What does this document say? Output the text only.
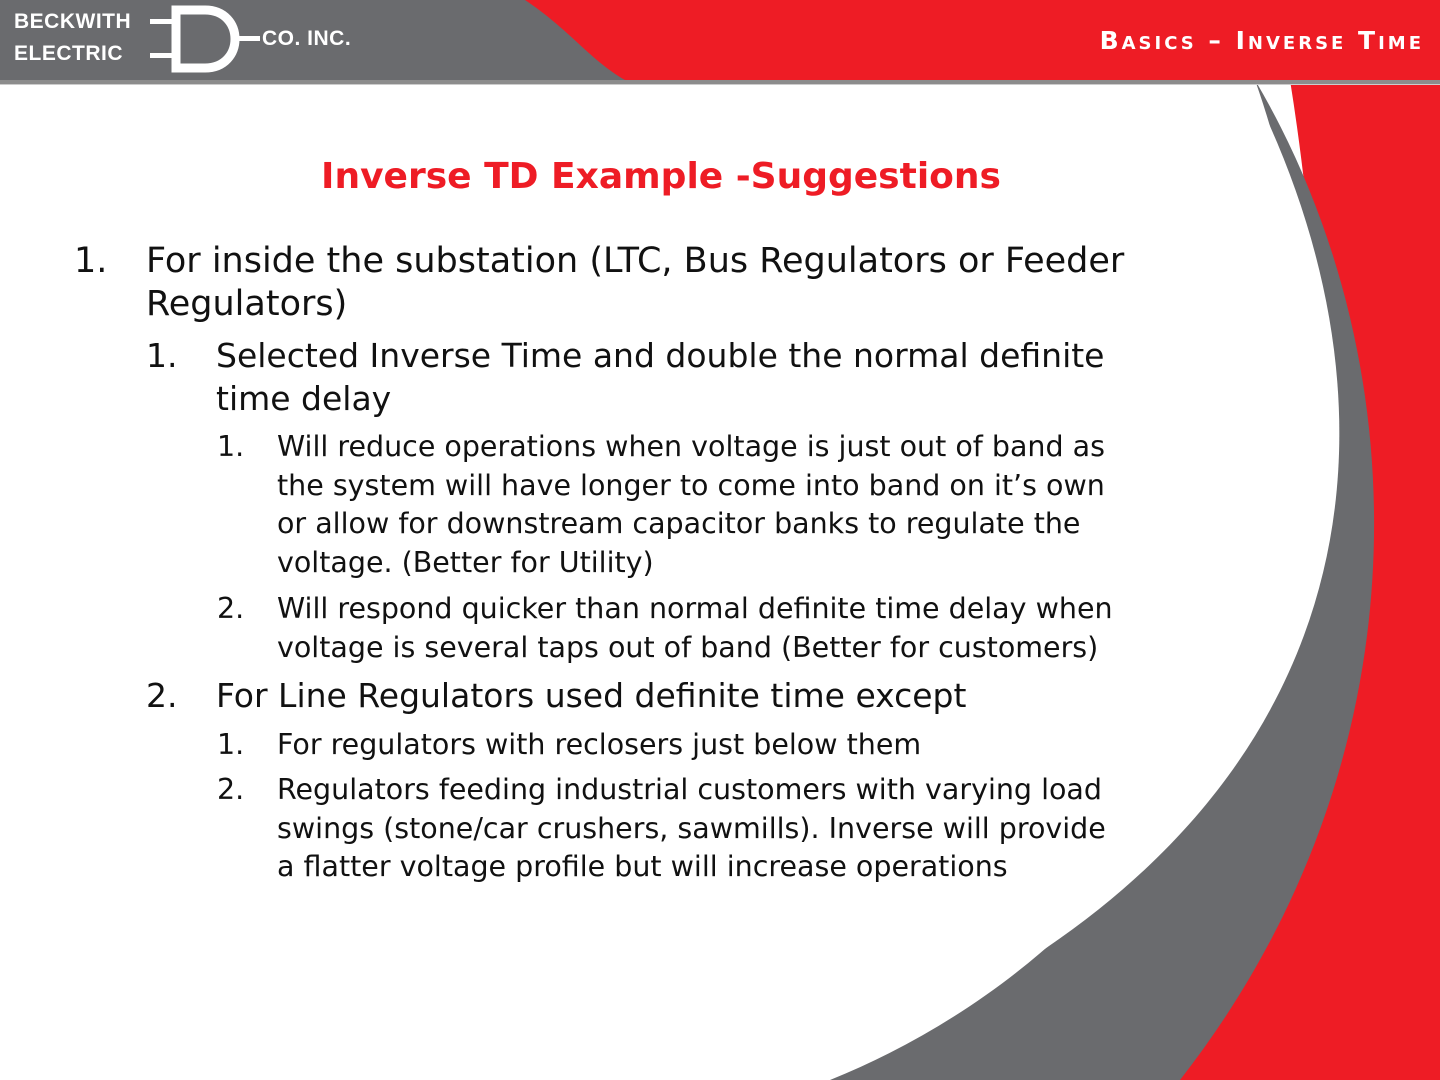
BECKWITH
ELECTRIC
CO. INC.	Basics – Inverse Time
Inverse TD Example -Suggestions
1. For inside the substation (LTC, Bus Regulators or Feeder
Regulators)
1. Selected Inverse Time and double the normal definite
time delay
1. Will reduce operations when voltage is just out of band as
the system will have longer to come into band on it’s own
or allow for downstream capacitor banks to regulate the
voltage. (Better for Utility)
2. Will respond quicker than normal definite time delay when
voltage is several taps out of band (Better for customers)
2. For Line Regulators used definite time except
1. For regulators with reclosers just below them
2. Regulators feeding industrial customers with varying load
swings (stone/car crushers, sawmills). Inverse will provide
a flatter voltage profile but will increase operations
